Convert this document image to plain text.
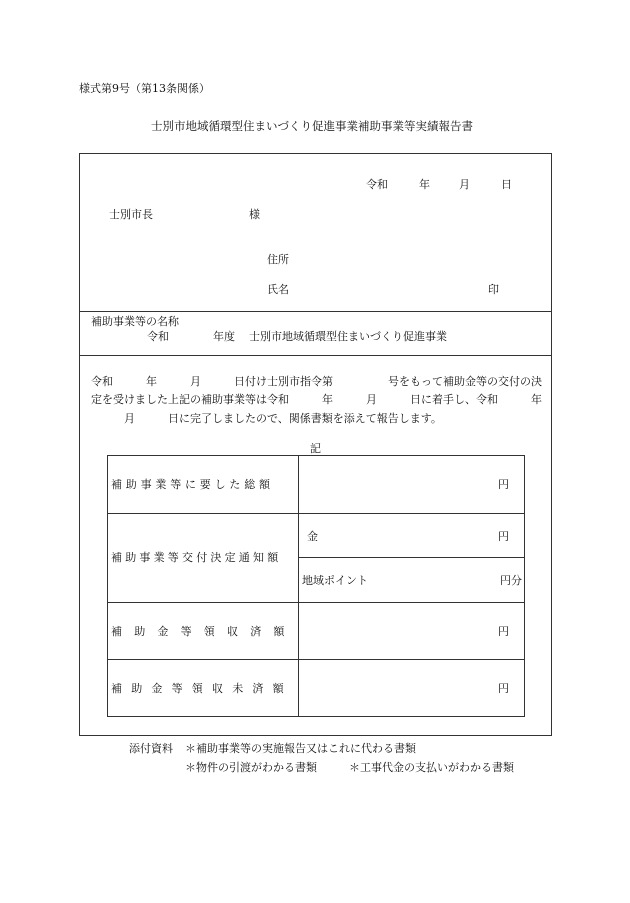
様式第9号（第13条関係）
士別市地域循環型住まいづくり促進事業補助事業等実績報告書
令和	年	月	日
士別市長	様
住所
氏名	印
補助事業等の名称
令和	年度 士別市地域循環型住まいづくり促進事業
令和　　　年　　　月　　　日付け士別市指令第　　　　　号をもって補助金等の交付の決
定を受けました上記の補助事業等は令和　　　年　　　月　　　日に着手し、令和　　　年
　　　月　　　日に完了しましたので、関係書類を添えて報告します。
記
補助事業等に要した総額	円
補助事業等交付決定通知額
金	円
地域ポイント	円分
補助金等領収済額	円
補助金等領収未済額	円
添付資料 ＊補助事業等の実施報告又はこれに代わる書類
＊物件の引渡がわかる書類	＊工事代金の支払いがわかる書類
